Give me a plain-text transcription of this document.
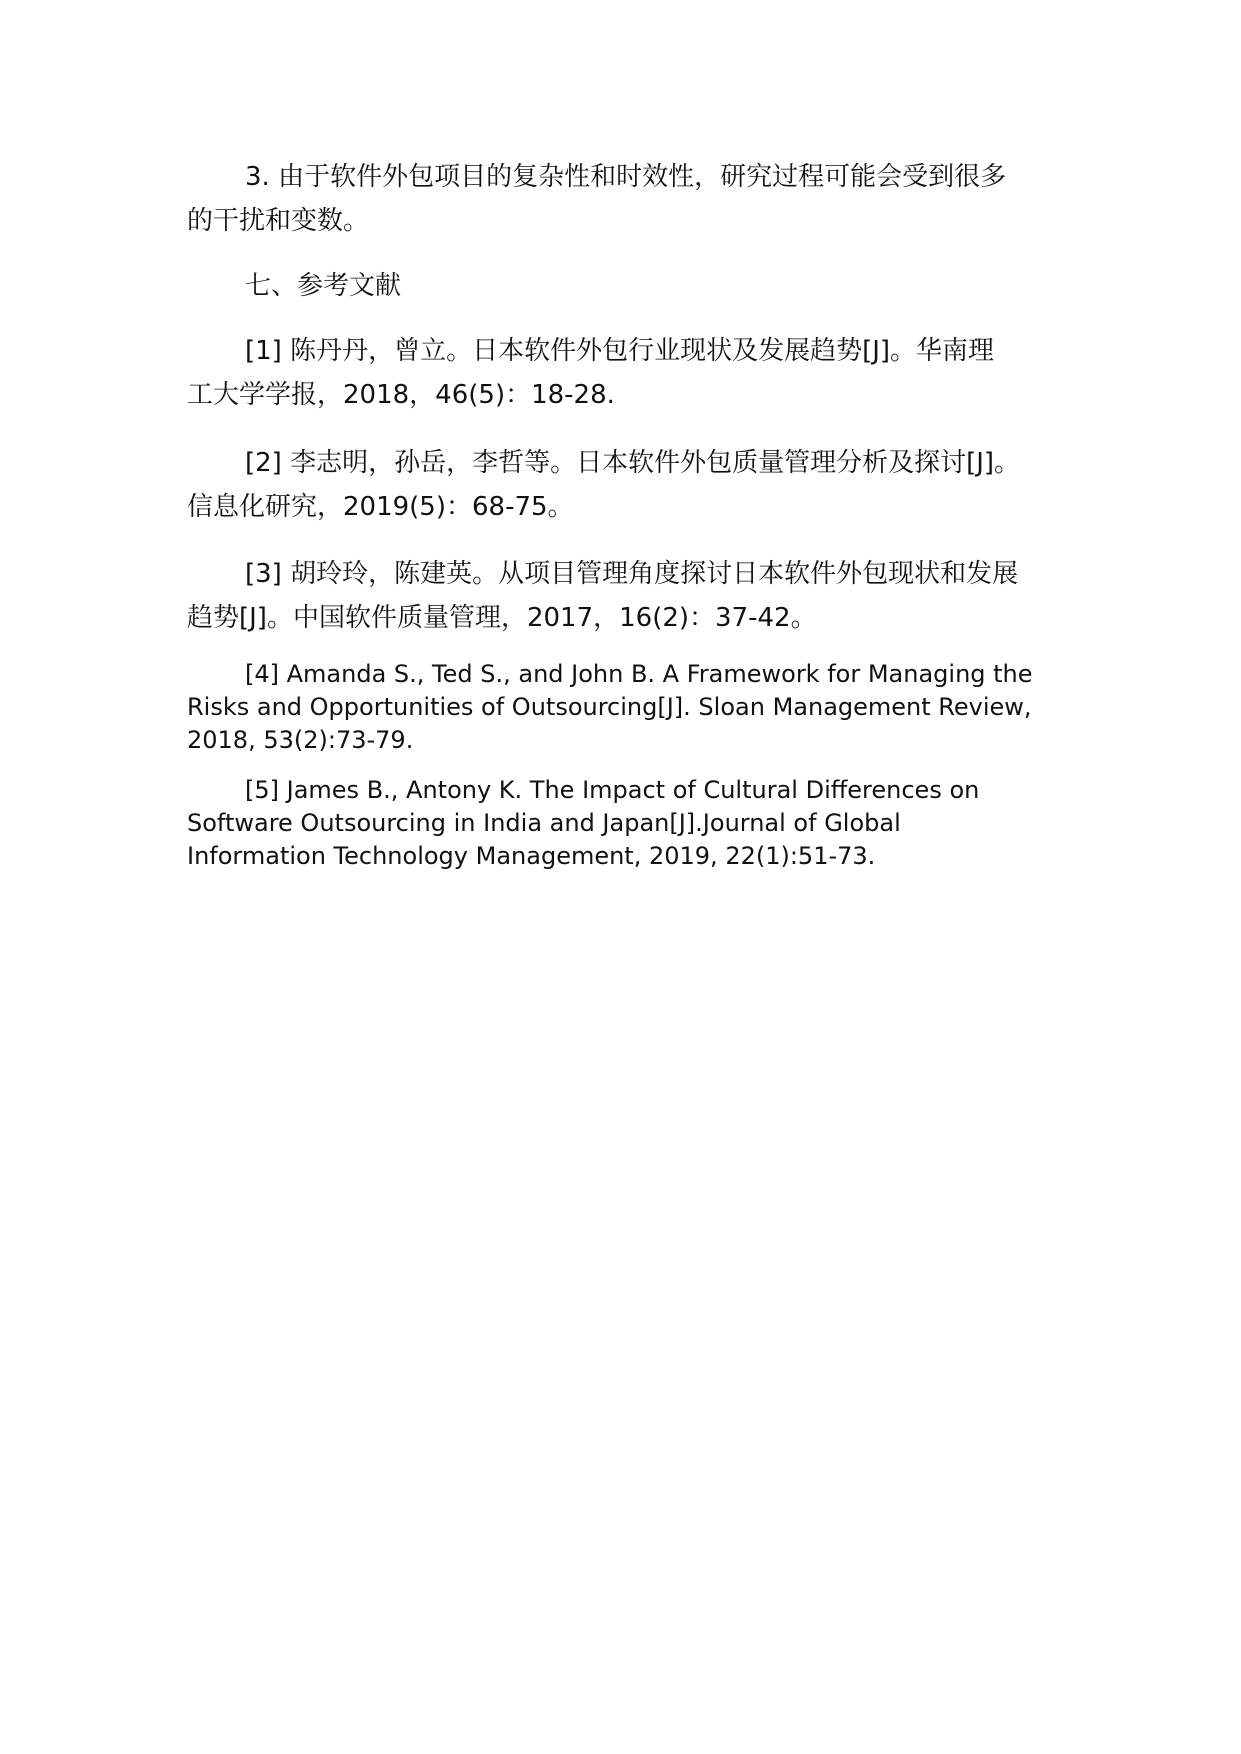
3. 由于软件外包项目的复杂性和时效性，研究过程可能会受到很多
的干扰和变数。

七、参考文献

[1] 陈丹丹，曾立。日本软件外包行业现状及发展趋势[J]。华南理
工大学学报，2018，46(5)：18-28.

[2] 李志明，孙岳，李哲等。日本软件外包质量管理分析及探讨[J]。
信息化研究，2019(5)：68-75。

[3] 胡玲玲，陈建英。从项目管理角度探讨日本软件外包现状和发展
趋势[J]。中国软件质量管理，2017，16(2)：37-42。

[4] Amanda S., Ted S., and John B. A Framework for Managing the
Risks and Opportunities of Outsourcing[J]. Sloan Management Review,
2018, 53(2):73-79.

[5] James B., Antony K. The Impact of Cultural Differences on
Software Outsourcing in India and Japan[J].Journal of Global
Information Technology Management, 2019, 22(1):51-73.
